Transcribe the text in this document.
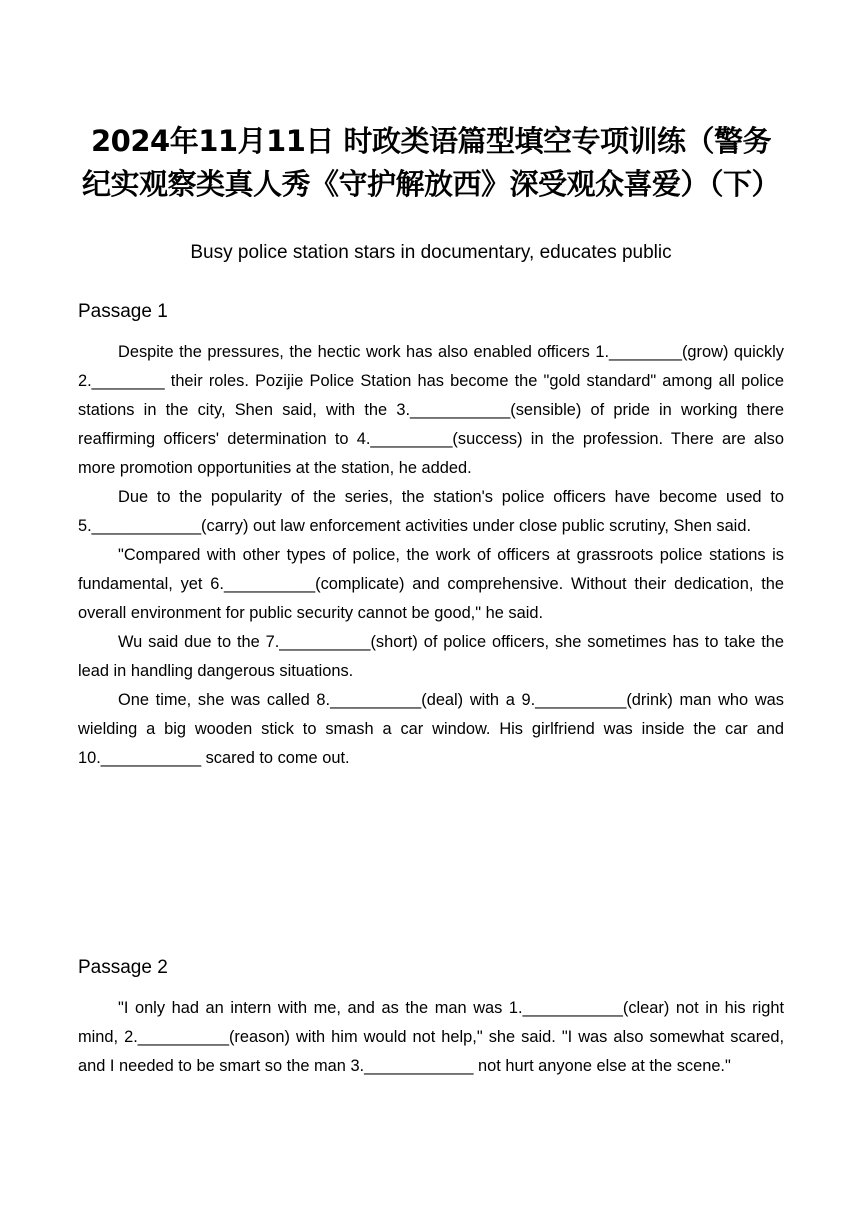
2024年11月11日 时政类语篇型填空专项训练（警务纪实观察类真人秀《守护解放西》深受观众喜爱）（下）
Busy police station stars in documentary, educates public
Passage 1

Despite the pressures, the hectic work has also enabled officers 1.________(grow) quickly 2.________ their roles. Pozijie Police Station has become the "gold standard" among all police stations in the city, Shen said, with the 3.___________(sensible) of pride in working there reaffirming officers' determination to 4._________(success) in the profession. There are also more promotion opportunities at the station, he added.

Due to the popularity of the series, the station's police officers have become used to 5.____________(carry) out law enforcement activities under close public scrutiny, Shen said.

"Compared with other types of police, the work of officers at grassroots police stations is fundamental, yet 6.__________(complicate) and comprehensive. Without their dedication, the overall environment for public security cannot be good," he said.

Wu said due to the 7.__________(short) of police officers, she sometimes has to take the lead in handling dangerous situations.

One time, she was called 8.__________(deal) with a 9.__________(drink) man who was wielding a big wooden stick to smash a car window. His girlfriend was inside the car and 10.___________ scared to come out.

Passage 2

"I only had an intern with me, and as the man was 1.___________(clear) not in his right mind, 2.__________(reason) with him would not help," she said. "I was also somewhat scared, and I needed to be smart so the man 3.____________ not hurt anyone else at the scene."
